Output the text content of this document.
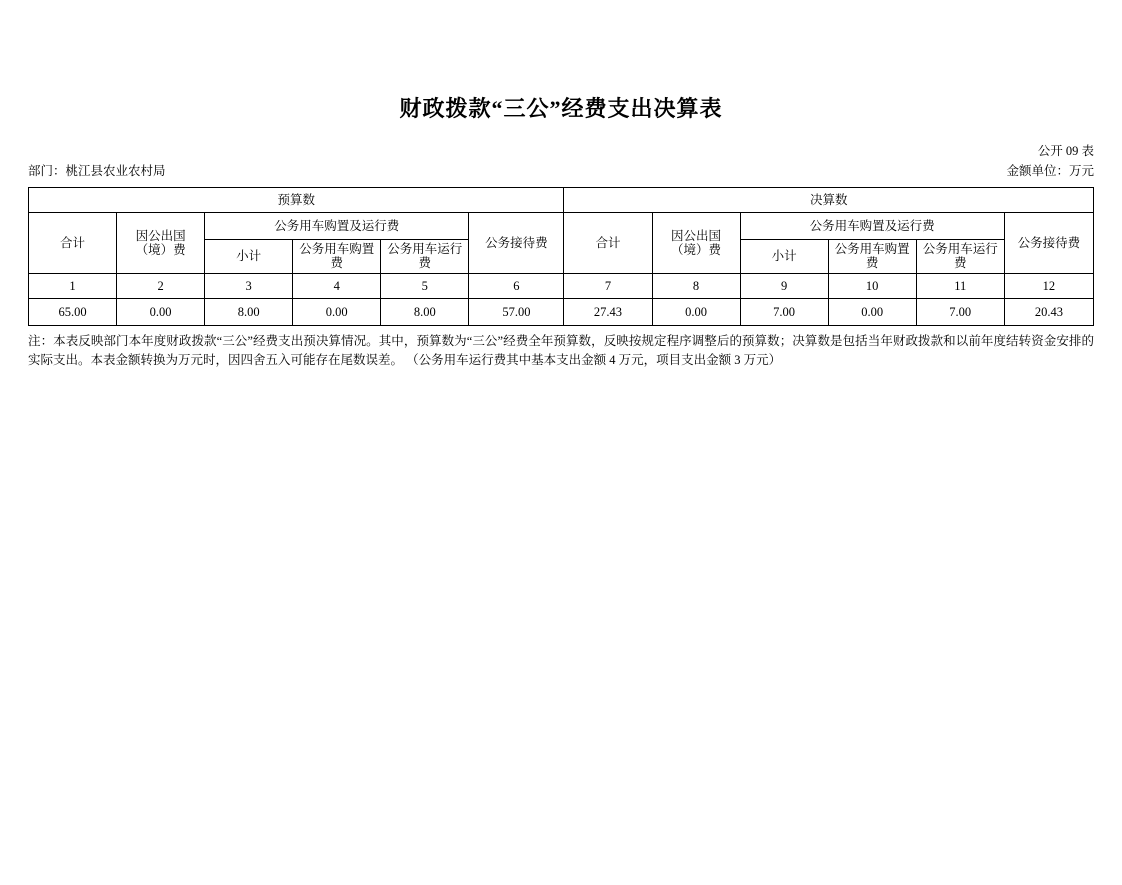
财政拨款“三公”经费支出决算表
公开 09 表
部门：桃江县农业农村局	金额单位：万元
预算数						决算数					
合计	因公出国（境）费	公务用车购置及运行费			公务接待费	合计	因公出国（境）费	公务用车购置及运行费			公务接待费
		小计	公务用车购置费	公务用车运行费				小计	公务用车购置费	公务用车运行费	
1	2	3	4	5	6	7	8	9	10	11	12
65.00	0.00	8.00	0.00	8.00	57.00	27.43	0.00	7.00	0.00	7.00	20.43
注：本表反映部门本年度财政拨款“三公”经费支出预决算情况。其中，预算数为“三公”经费全年预算数，反映按规定程序调整后的预算数；决算数是包括当年财政拨款和以前年度结转资金安排的实际支出。本表金额转换为万元时，因四舍五入可能存在尾数误差。 （公务用车运行费其中基本支出金额 4 万元，项目支出金额 3 万元）
